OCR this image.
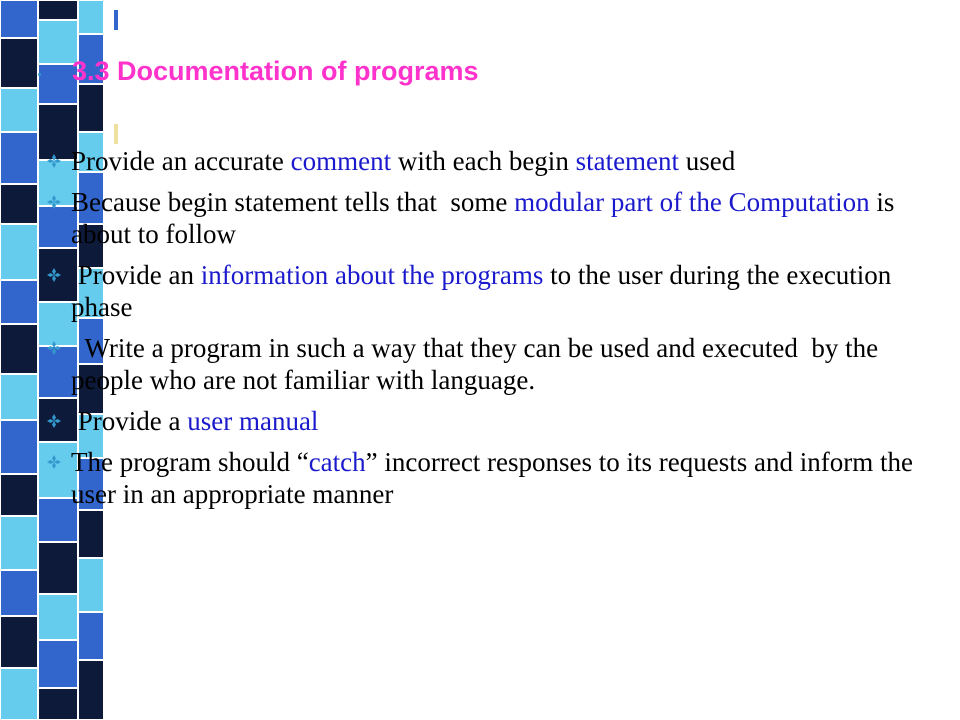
3.3 Documentation of programs
Provide an accurate comment with each begin statement used
Because begin statement tells that  some modular part of the Computation is about to follow
Provide an information about the programs to the user during the execution phase
Write a program in such a way that they can be used and executed  by the people who are not familiar with language.
Provide a user manual
The program should “catch” incorrect responses to its requests and inform the user in an appropriate manner
